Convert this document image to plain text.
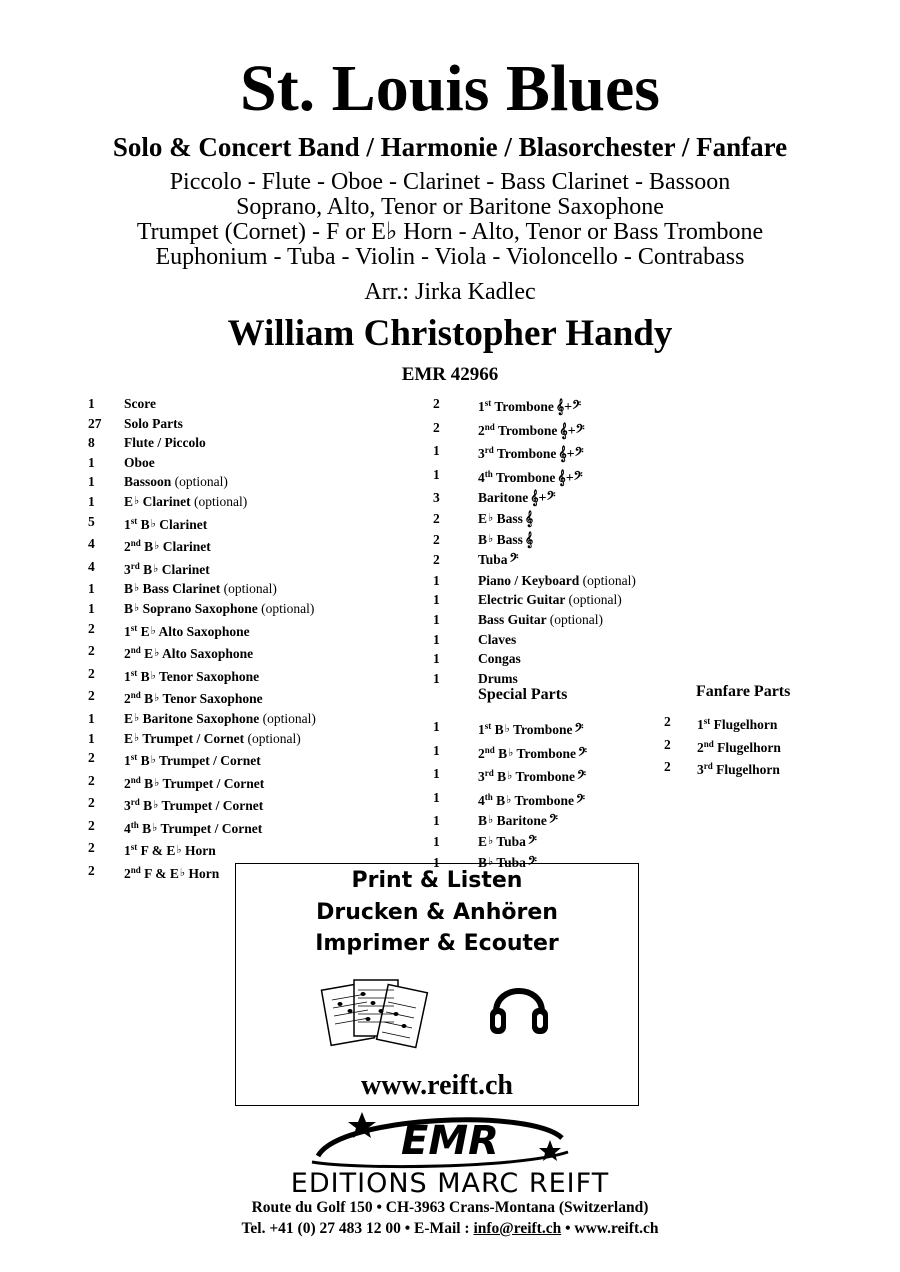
St. Louis Blues
Solo & Concert Band / Harmonie / Blasorchester / Fanfare
Piccolo - Flute - Oboe - Clarinet - Bass Clarinet - Bassoon
Soprano, Alto, Tenor or Baritone Saxophone
Trumpet (Cornet) - F or E♭ Horn - Alto, Tenor or Bass Trombone
Euphonium - Tuba - Violin - Viola - Violoncello - Contrabass
Arr.: Jirka Kadlec
William Christopher Handy
EMR 42966
1	Score
27	Solo Parts
8	Flute / Piccolo
1	Oboe
1	Bassoon (optional)
1	E♭ Clarinet (optional)
5	1st B♭ Clarinet
4	2nd B♭ Clarinet
4	3rd B♭ Clarinet
1	B♭ Bass Clarinet (optional)
1	B♭ Soprano Saxophone (optional)
2	1st E♭ Alto Saxophone
2	2nd E♭ Alto Saxophone
2	1st B♭ Tenor Saxophone
2	2nd B♭ Tenor Saxophone
1	E♭ Baritone Saxophone (optional)
1	E♭ Trumpet / Cornet (optional)
2	1st B♭ Trumpet / Cornet
2	2nd B♭ Trumpet / Cornet
2	3rd B♭ Trumpet / Cornet
2	4th B♭ Trumpet / Cornet
2	1st F & E♭ Horn
2	2nd F & E♭ Horn
2	1st Trombone 𝄞+𝄢
2	2nd Trombone 𝄞+𝄢
1	3rd Trombone 𝄞+𝄢
1	4th Trombone 𝄞+𝄢
3	Baritone 𝄞+𝄢
2	E♭ Bass 𝄞
2	B♭ Bass 𝄞
2	Tuba 𝄢
1	Piano / Keyboard (optional)
1	Electric Guitar (optional)
1	Bass Guitar (optional)
1	Claves
1	Congas
1	Drums
Special Parts
1	1st B♭ Trombone 𝄢
1	2nd B♭ Trombone 𝄢
1	3rd B♭ Trombone 𝄢
1	4th B♭ Trombone 𝄢
1	B♭ Baritone 𝄢
1	E♭ Tuba 𝄢
1	B♭ Tuba 𝄢
Fanfare Parts
2	1st Flugelhorn
2	2nd Flugelhorn
2	3rd Flugelhorn
Print & Listen
Drucken & Anhören
Imprimer & Ecouter
www.reift.ch
EMR
EDITIONS MARC REIFT
Route du Golf 150 • CH-3963 Crans-Montana (Switzerland)
Tel. +41 (0) 27 483 12 00 • E-Mail : info@reift.ch • www.reift.ch
